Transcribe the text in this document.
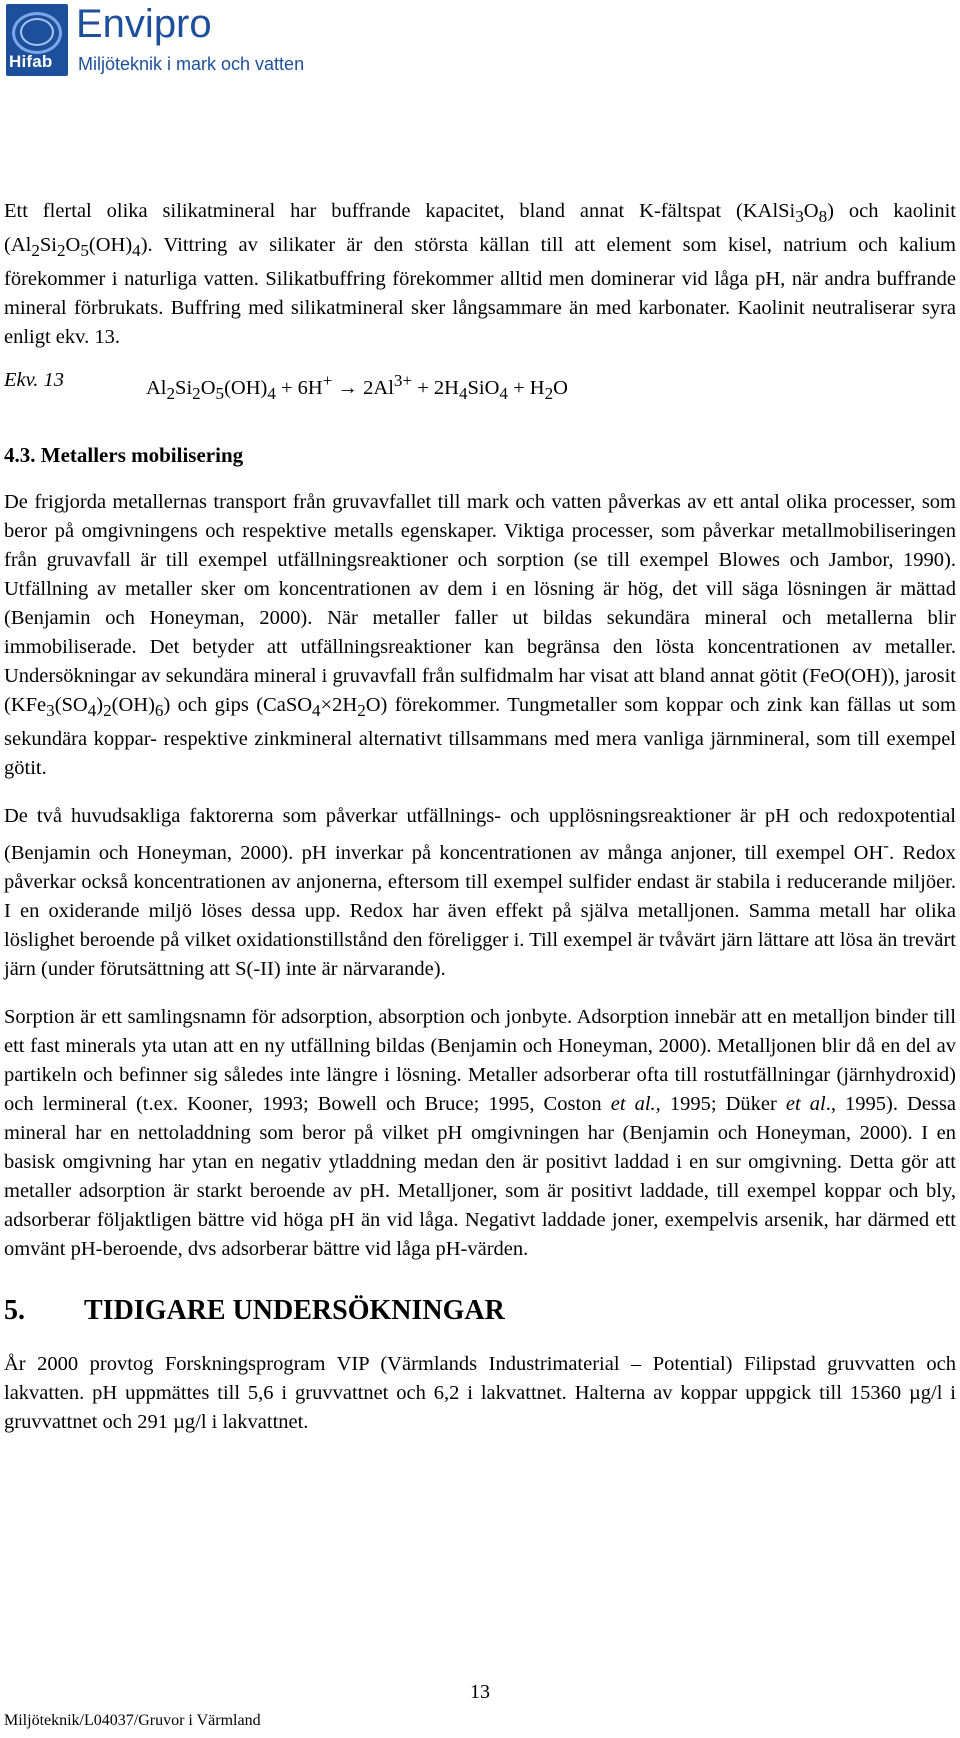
Hifab
Envipro
Miljöteknik i mark och vatten

Ett flertal olika silikatmineral har buffrande kapacitet, bland annat K-fältspat $(KAlSi_3O_8)$ och kaolinit $(Al_2Si_2O_5(OH)_4)$. Vittring av silikater är den största källan till att element som kisel, natrium och kalium förekommer i naturliga vatten. Silikatbuffring förekommer alltid men dominerar vid låga pH, när andra buffrande mineral förbrukats. Buffring med silikatmineral sker långsammare än med karbonater. Kaolinit neutraliserar syra enligt ekv. 13.

Ekv. 13	$Al_2Si_2O_5(OH)_4 + 6H^+ \to 2Al^{3+} + 2H_4SiO_4 + H_2O$
4.3. Metallers mobilisering

De frigjorda metallernas transport från gruvavfallet till mark och vatten påverkas av ett antal olika processer, som beror på omgivningens och respektive metalls egenskaper. Viktiga processer, som påverkar metallmobiliseringen från gruvavfall är till exempel utfällningsreaktioner och sorption (se till exempel Blowes och Jambor, 1990). Utfällning av metaller sker om koncentrationen av dem i en lösning är hög, det vill säga lösningen är mättad (Benjamin och Honeyman, 2000). När metaller faller ut bildas sekundära mineral och metallerna blir immobiliserade. Det betyder att utfällningsreaktioner kan begränsa den lösta koncentrationen av metaller. Undersökningar av sekundära mineral i gruvavfall från sulfidmalm har visat att bland annat götit (FeO(OH)), jarosit $(KFe_3(SO_4)_2(OH)_6)$ och gips $(CaSO_4\times 2H_2O)$ förekommer. Tungmetaller som koppar och zink kan fällas ut som sekundära koppar- respektive zinkmineral alternativt tillsammans med mera vanliga järnmineral, som till exempel götit.

De två huvudsakliga faktorerna som påverkar utfällnings- och upplösningsreaktioner är pH och redoxpotential (Benjamin och Honeyman, 2000). pH inverkar på koncentrationen av många anjoner, till exempel OH-. Redox påverkar också koncentrationen av anjonerna, eftersom till exempel sulfider endast är stabila i reducerande miljöer. I en oxiderande miljö löses dessa upp. Redox har även effekt på själva metalljonen. Samma metall har olika löslighet beroende på vilket oxidationstillstånd den föreligger i. Till exempel är tvåvärt järn lättare att lösa än trevärt järn (under förutsättning att S(-II) inte är närvarande).

Sorption är ett samlingsnamn för adsorption, absorption och jonbyte. Adsorption innebär att en metalljon binder till ett fast minerals yta utan att en ny utfällning bildas (Benjamin och Honeyman, 2000). Metalljonen blir då en del av partikeln och befinner sig således inte längre i lösning. Metaller adsorberar ofta till rostutfällningar (järnhydroxid) och lermineral (t.ex. Kooner, 1993; Bowell och Bruce; 1995, Coston et al., 1995; Düker et al., 1995). Dessa mineral har en nettoladdning som beror på vilket pH omgivningen har (Benjamin och Honeyman, 2000). I en basisk omgivning har ytan en negativ ytladdning medan den är positivt laddad i en sur omgivning. Detta gör att metaller adsorption är starkt beroende av pH. Metalljoner, som är positivt laddade, till exempel koppar och bly, adsorberar följaktligen bättre vid höga pH än vid låga. Negativt laddade joner, exempelvis arsenik, har därmed ett omvänt pH-beroende, dvs adsorberar bättre vid låga pH-värden.

5. TIDIGARE UNDERSÖKNINGAR

År 2000 provtog Forskningsprogram VIP (Värmlands Industrimaterial – Potential) Filipstad gruvvatten och lakvatten. pH uppmättes till 5,6 i gruvvattnet och 6,2 i lakvattnet. Halterna av koppar uppgick till 15360 µg/l i gruvvattnet och 291 µg/l i lakvattnet.

13
Miljöteknik/L04037/Gruvor i Värmland
